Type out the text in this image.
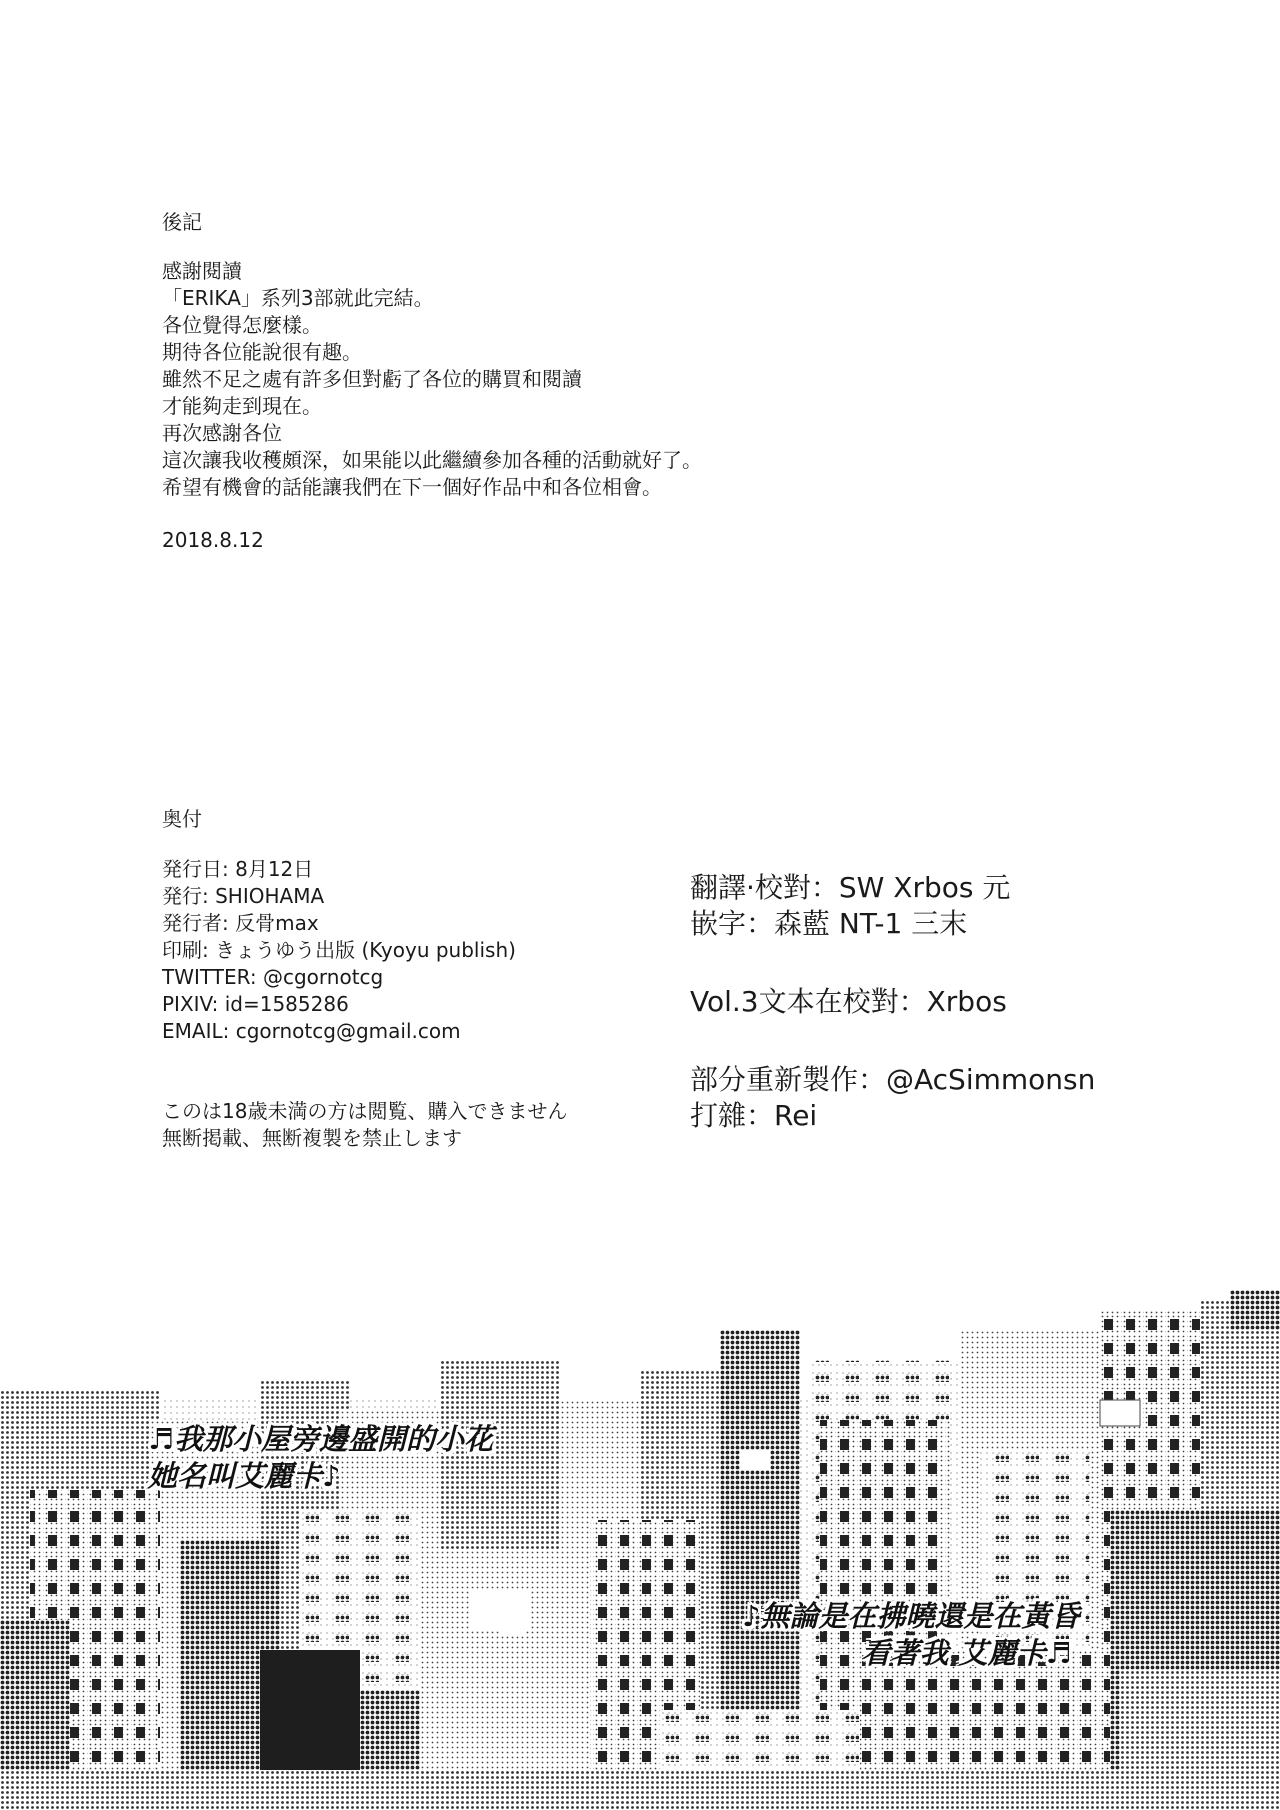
後記
感謝閱讀
「ERIKA」系列3部就此完結。
各位覺得怎麼樣。
期待各位能說很有趣。
雖然不足之處有許多但對虧了各位的購買和閱讀
才能夠走到現在。
再次感謝各位
這次讓我收穫頗深，如果能以此繼續參加各種的活動就好了。
希望有機會的話能讓我們在下一個好作品中和各位相會。
2018.8.12
奥付
発行日: 8月12日
発行: SHIOHAMA
発行者: 反骨max
印刷: きょうゆう出版 (Kyoyu publish)
TWITTER: @cgornotcg
PIXIV: id=1585286
EMAIL: cgornotcg@gmail.com
このは18歳未満の方は閲覧、購入できません
無断掲載、無断複製を禁止します
翻譯·校對：SW Xrbos 元
嵌字：森藍 NT-1 三末
Vol.3文本在校對：Xrbos
部分重新製作：@AcSimmonsn
打雜：Rei
♬我那小屋旁邊盛開的小花
她名叫艾麗卡♪
♪無論是在拂曉還是在黃昏
看著我 艾麗卡♬
